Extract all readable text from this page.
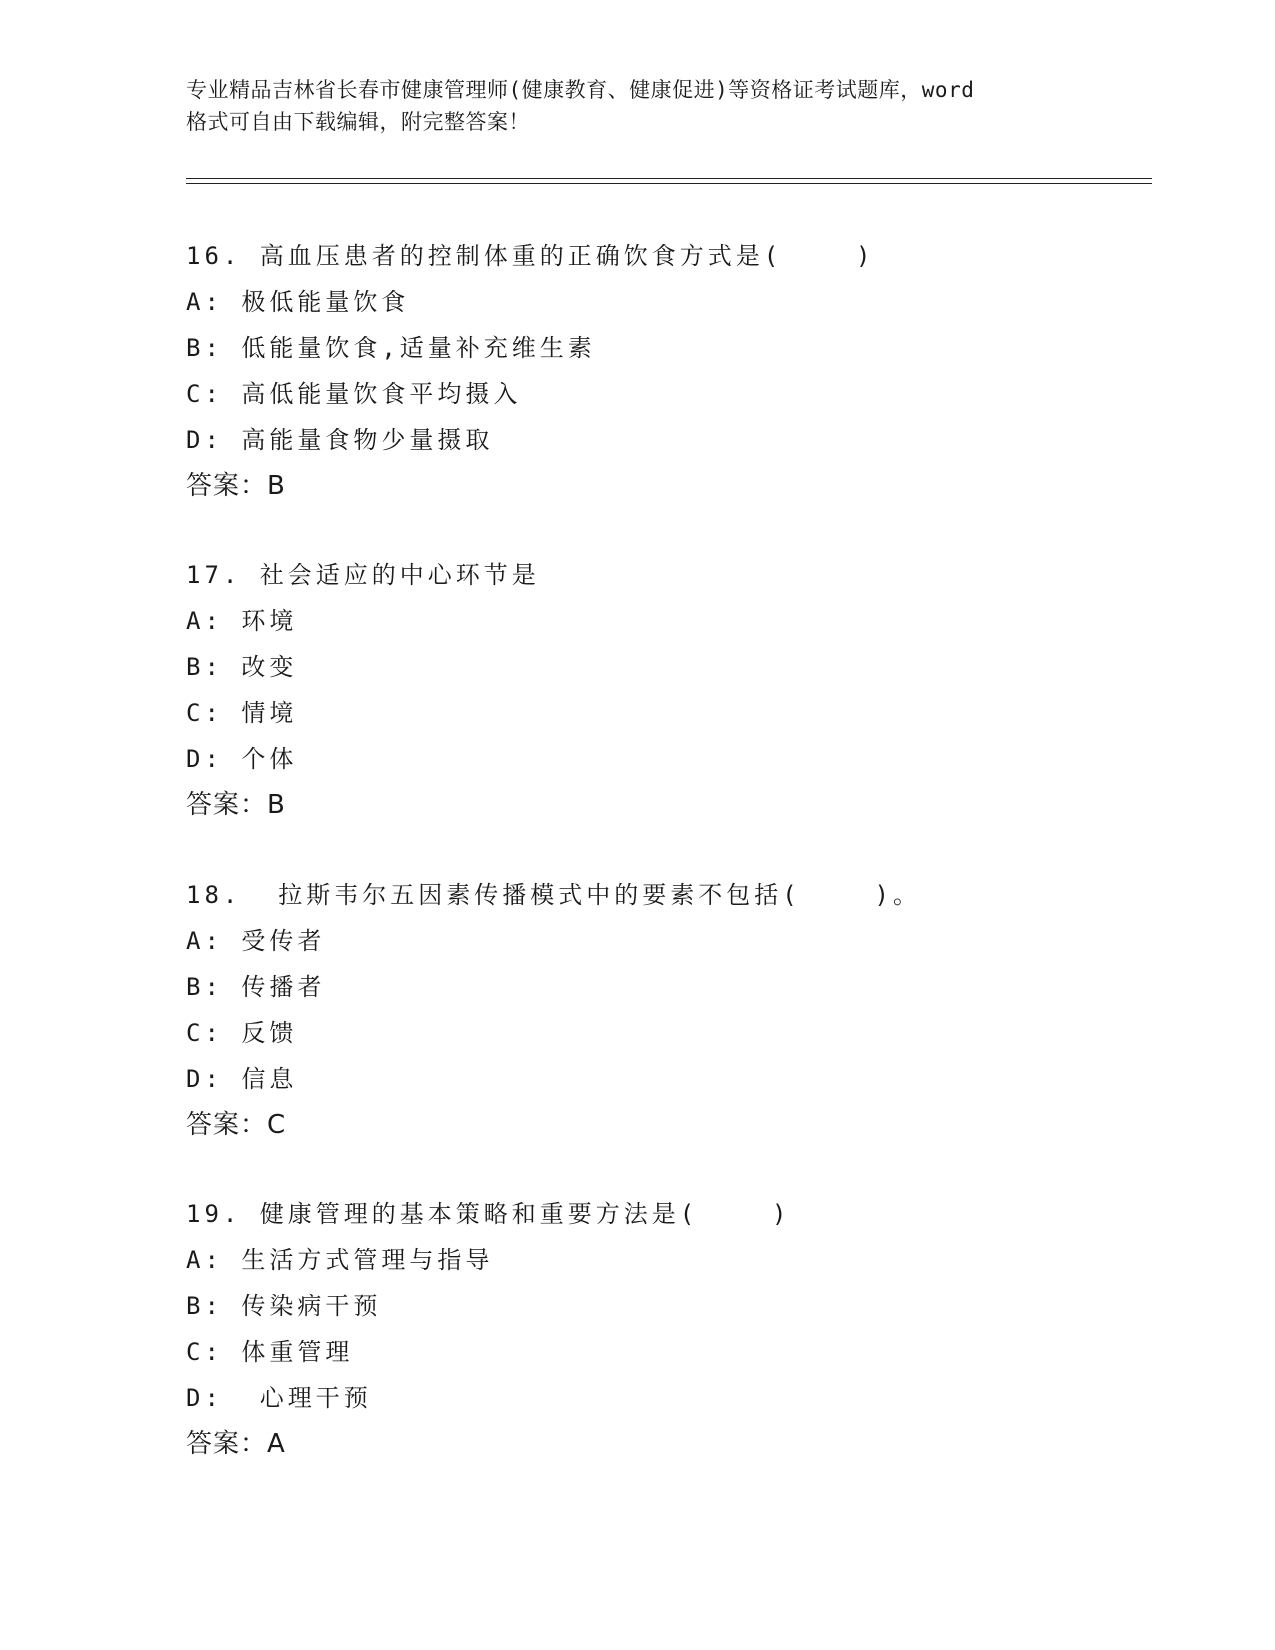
专业精品吉林省长春市健康管理师(健康教育、健康促进)等资格证考试题库，word
格式可自由下载编辑，附完整答案！
16. 高血压患者的控制体重的正确饮食方式是(    )
A: 极低能量饮食
B: 低能量饮食,适量补充维生素
C: 高低能量饮食平均摄入
D: 高能量食物少量摄取
答案：B
17. 社会适应的中心环节是
A: 环境
B: 改变
C: 情境
D: 个体
答案：B
18.  拉斯韦尔五因素传播模式中的要素不包括(    )。
A: 受传者
B: 传播者
C: 反馈
D: 信息
答案：C
19. 健康管理的基本策略和重要方法是(    )
A: 生活方式管理与指导
B: 传染病干预
C: 体重管理
D:  心理干预
答案：A
